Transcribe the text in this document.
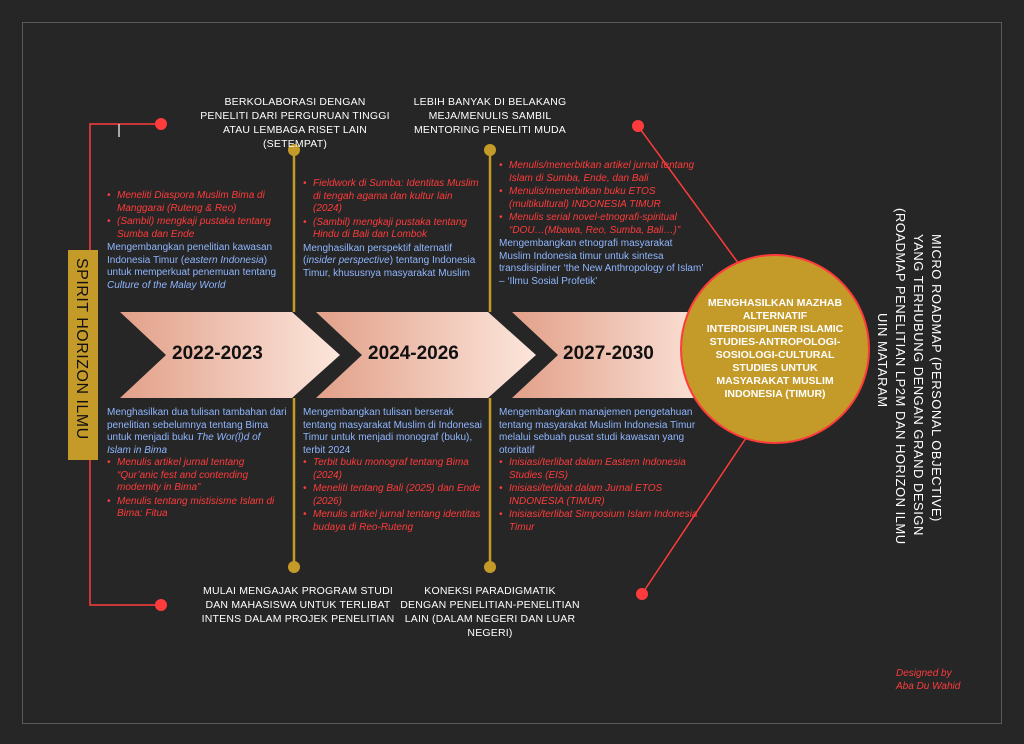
2022-2023	2024-2026	2027-2030
BERKOLABORASI DENGAN PENELITI DARI PERGURUAN TINGGI ATAU LEMBAGA RISET LAIN (SETEMPAT)
LEBIH BANYAK DI BELAKANG MEJA/MENULIS SAMBIL MENTORING PENELITI MUDA
MULAI MENGAJAK PROGRAM STUDI DAN MAHASISWA UNTUK TERLIBAT INTENS DALAM PROJEK PENELITIAN
KONEKSI PARADIGMATIK DENGAN PENELITIAN-PENELITIAN LAIN (DALAM NEGERI DAN LUAR NEGERI)
• Meneliti Diaspora Muslim Bima di Manggarai (Ruteng & Reo)
• (Sambil) mengkaji pustaka tentang Sumba dan Ende
Mengembangkan penelitian kawasan Indonesia Timur (eastern Indonesia) untuk memperkuat penemuan tentang Culture of the Malay World
• Fieldwork di Sumba: Identitas Muslim di tengah agama dan kultur lain (2024)
• (Sambil) mengkaji pustaka tentang Hindu di Bali dan Lombok
Menghasilkan perspektif alternatif (insider perspective) tentang Indonesia Timur, khususnya masyarakat Muslim
• Menulis/menerbitkan artikel jurnal tentang Islam di Sumba, Ende, dan Bali
• Menulis/menerbitkan buku ETOS (multikultural) INDONESIA TIMUR
• Menulis serial novel-etnografi-spiritual “DOU…(Mbawa, Reo, Sumba, Bali…)”
Mengembangkan etnografi masyarakat Muslim Indonesia timur untuk sintesa transdisipliner ‘the New Anthropology of Islam’ – ‘Ilmu Sosial Profetik’
Menghasilkan dua tulisan tambahan dari penelitian sebelumnya tentang Bima untuk menjadi buku The Wor(l)d of Islam in Bima
• Menulis artikel jurnal tentang “Qur’anic fest and contending modernity in Bima”
• Menulis tentang mistisisme Islam di Bima: Fitua
Mengembangkan tulisan berserak tentang masyarakat Muslim di Indonesai Timur untuk menjadi monograf (buku), terbit 2024
• Terbit buku monograf tentang Bima (2024)
• Meneliti tentang Bali (2025) dan Ende (2026)
• Menulis artikel jurnal tentang identitas budaya di Reo-Ruteng
Mengembangkan manajemen pengetahuan tentang masyarakat Muslim Indonesia Timur melalui sebuah pusat studi kawasan yang otoritatif
• Inisiasi/terlibat dalam Eastern Indonesia Studies (EIS)
• Inisiasi/terlibat dalam Jurnal ETOS INDONESIA (TIMUR)
• Inisiasi/terlibat Simposium Islam Indonesia Timur
SPIRIT HORIZON ILMU	MENGHASILKAN MAZHAB ALTERNATIF INTERDISIPLINER ISLAMIC STUDIES-ANTROPOLOGI-SOSIOLOGI-CULTURAL STUDIES UNTUK MASYARAKAT MUSLIM INDONESIA (TIMUR)	MICRO ROADMAP (PERSONAL OBJECTIVE)
YANG TERHUBUNG DENGAN GRAND DESIGN
(ROADMAP PENELITIAN LP2M DAN HORIZON ILMU
UIN MATARAM
Designed by
Aba Du Wahid
